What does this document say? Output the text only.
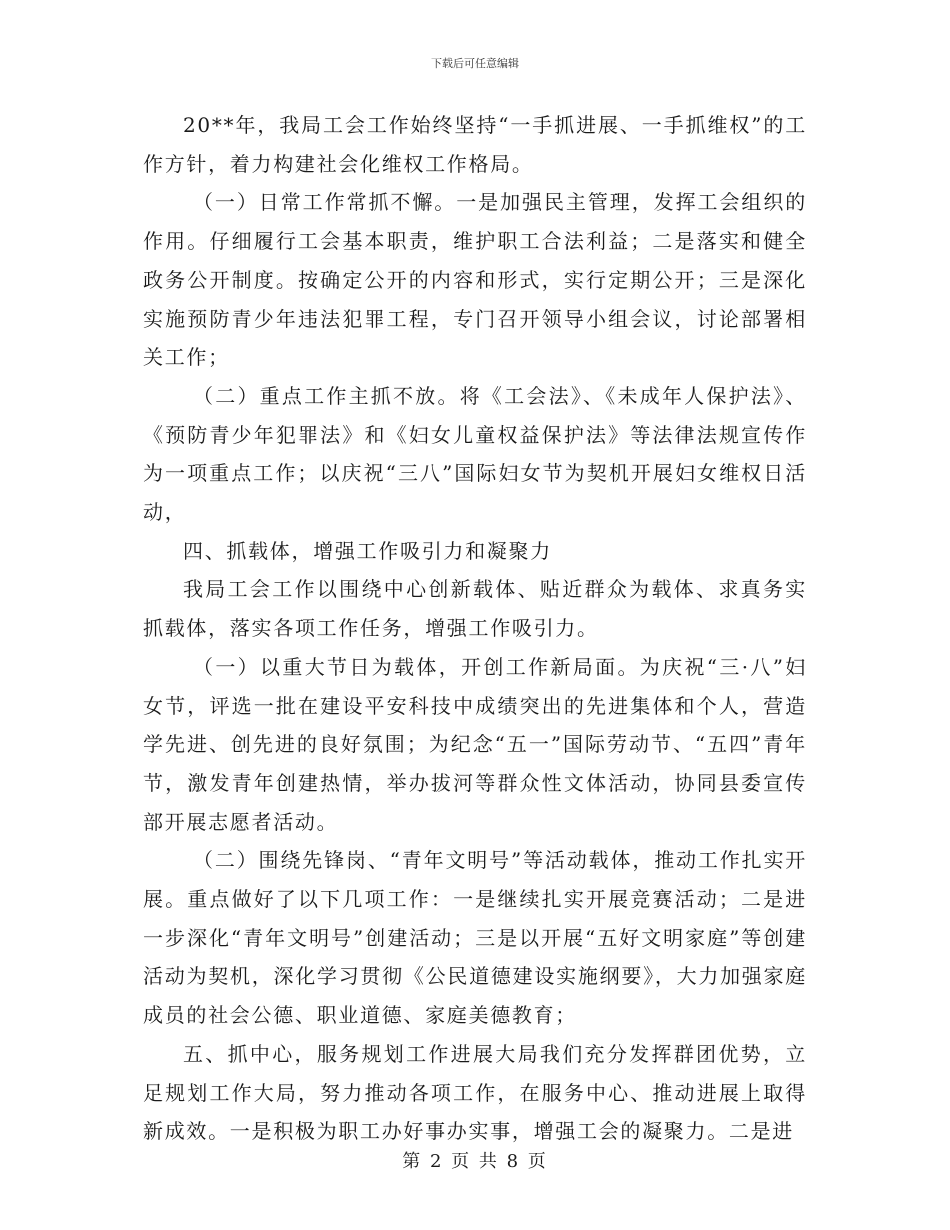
下载后可任意编辑

20**年，我局工会工作始终坚持“一手抓进展、一手抓维权”的工作方针，着力构建社会化维权工作格局。

（一）日常工作常抓不懈。一是加强民主管理，发挥工会组织的作用。仔细履行工会基本职责，维护职工合法利益；二是落实和健全政务公开制度。按确定公开的内容和形式，实行定期公开；三是深化实施预防青少年违法犯罪工程，专门召开领导小组会议，讨论部署相关工作；

（二）重点工作主抓不放。将《工会法》、《未成年人保护法》、《预防青少年犯罪法》和《妇女儿童权益保护法》等法律法规宣传作为一项重点工作；以庆祝“三八”国际妇女节为契机开展妇女维权日活动，

四、抓载体，增强工作吸引力和凝聚力

我局工会工作以围绕中心创新载体、贴近群众为载体、求真务实抓载体，落实各项工作任务，增强工作吸引力。

（一）以重大节日为载体，开创工作新局面。为庆祝“三·八”妇女节，评选一批在建设平安科技中成绩突出的先进集体和个人，营造学先进、创先进的良好氛围；为纪念“五一”国际劳动节、“五四”青年节，激发青年创建热情，举办拔河等群众性文体活动，协同县委宣传部开展志愿者活动。

（二）围绕先锋岗、“青年文明号”等活动载体，推动工作扎实开展。重点做好了以下几项工作：一是继续扎实开展竞赛活动；二是进一步深化“青年文明号”创建活动；三是以开展“五好文明家庭”等创建活动为契机，深化学习贯彻《公民道德建设实施纲要》，大力加强家庭成员的社会公德、职业道德、家庭美德教育；

五、抓中心，服务规划工作进展大局我们充分发挥群团优势，立足规划工作大局，努力推动各项工作，在服务中心、推动进展上取得新成效。一是积极为职工办好事办实事，增强工会的凝聚力。二是进

第 2 页 共 8 页
